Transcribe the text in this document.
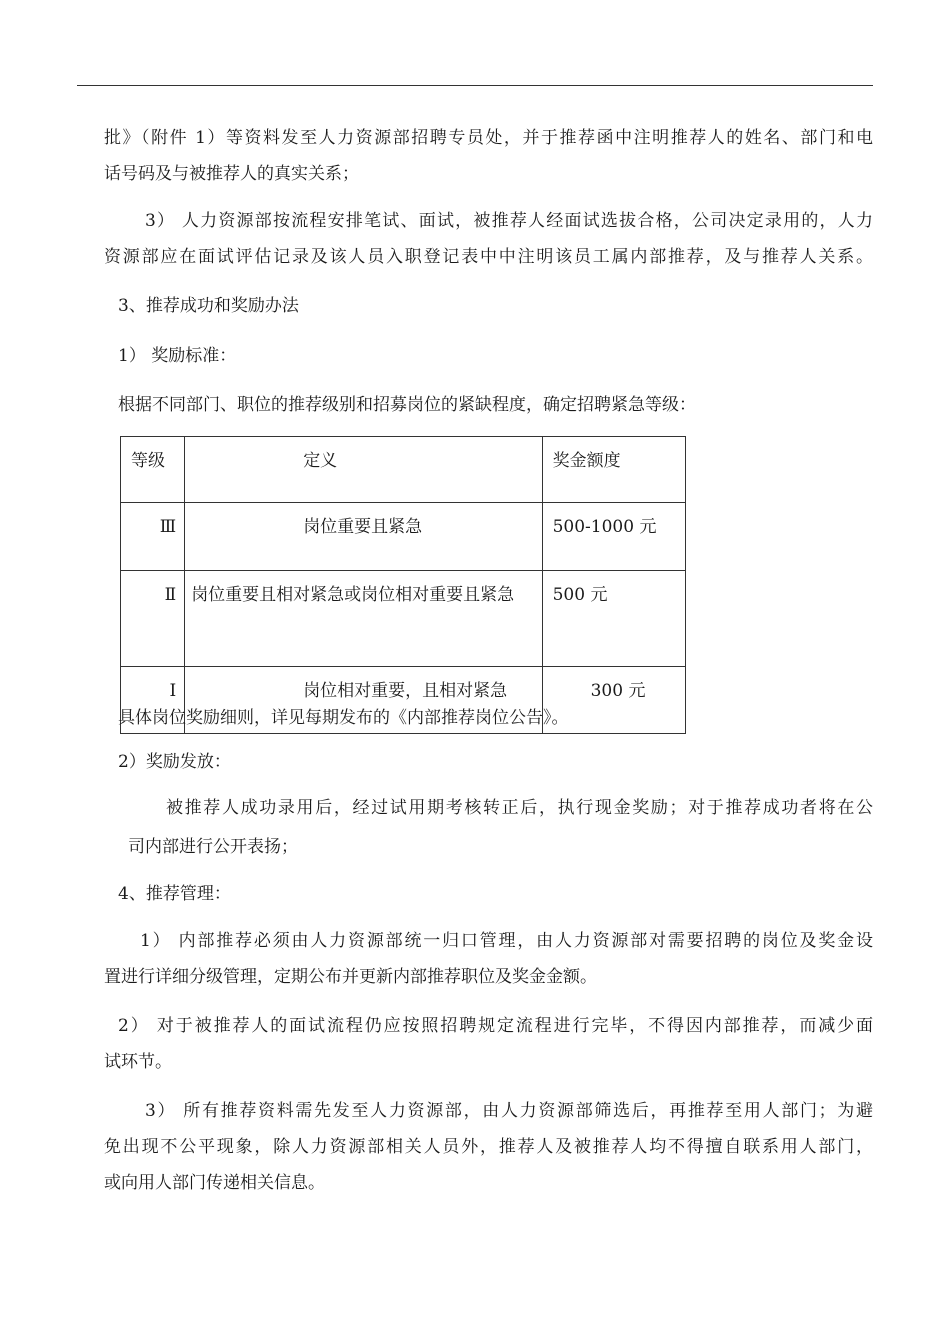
批》（附件 1）等资料发至人力资源部招聘专员处，并于推荐函中注明推荐人的姓名、部门和电
话号码及与被推荐人的真实关系；
3） 人力资源部按流程安排笔试、面试，被推荐人经面试选拔合格，公司决定录用的，人力
资源部应在面试评估记录及该人员入职登记表中中注明该员工属内部推荐，及与推荐人关系。
3、推荐成功和奖励办法
1） 奖励标准：
根据不同部门、职位的推荐级别和招募岗位的紧缺程度，确定招聘紧急等级：
等级	定义	奖金额度
Ⅲ	岗位重要且紧急	500-1000 元
Ⅱ	岗位重要且相对紧急或岗位相对重要且紧急	500 元
Ⅰ	岗位相对重要，且相对紧急	300 元
具体岗位奖励细则，详见每期发布的《内部推荐岗位公告》。
2）奖励发放：
被推荐人成功录用后，经过试用期考核转正后，执行现金奖励；对于推荐成功者将在公
司内部进行公开表扬；
4、推荐管理：
1） 内部推荐必须由人力资源部统一归口管理，由人力资源部对需要招聘的岗位及奖金设
置进行详细分级管理，定期公布并更新内部推荐职位及奖金金额。
2） 对于被推荐人的面试流程仍应按照招聘规定流程进行完毕，不得因内部推荐，而减少面
试环节。
3） 所有推荐资料需先发至人力资源部，由人力资源部筛选后，再推荐至用人部门；为避
免出现不公平现象，除人力资源部相关人员外，推荐人及被推荐人均不得擅自联系用人部门，
或向用人部门传递相关信息。
